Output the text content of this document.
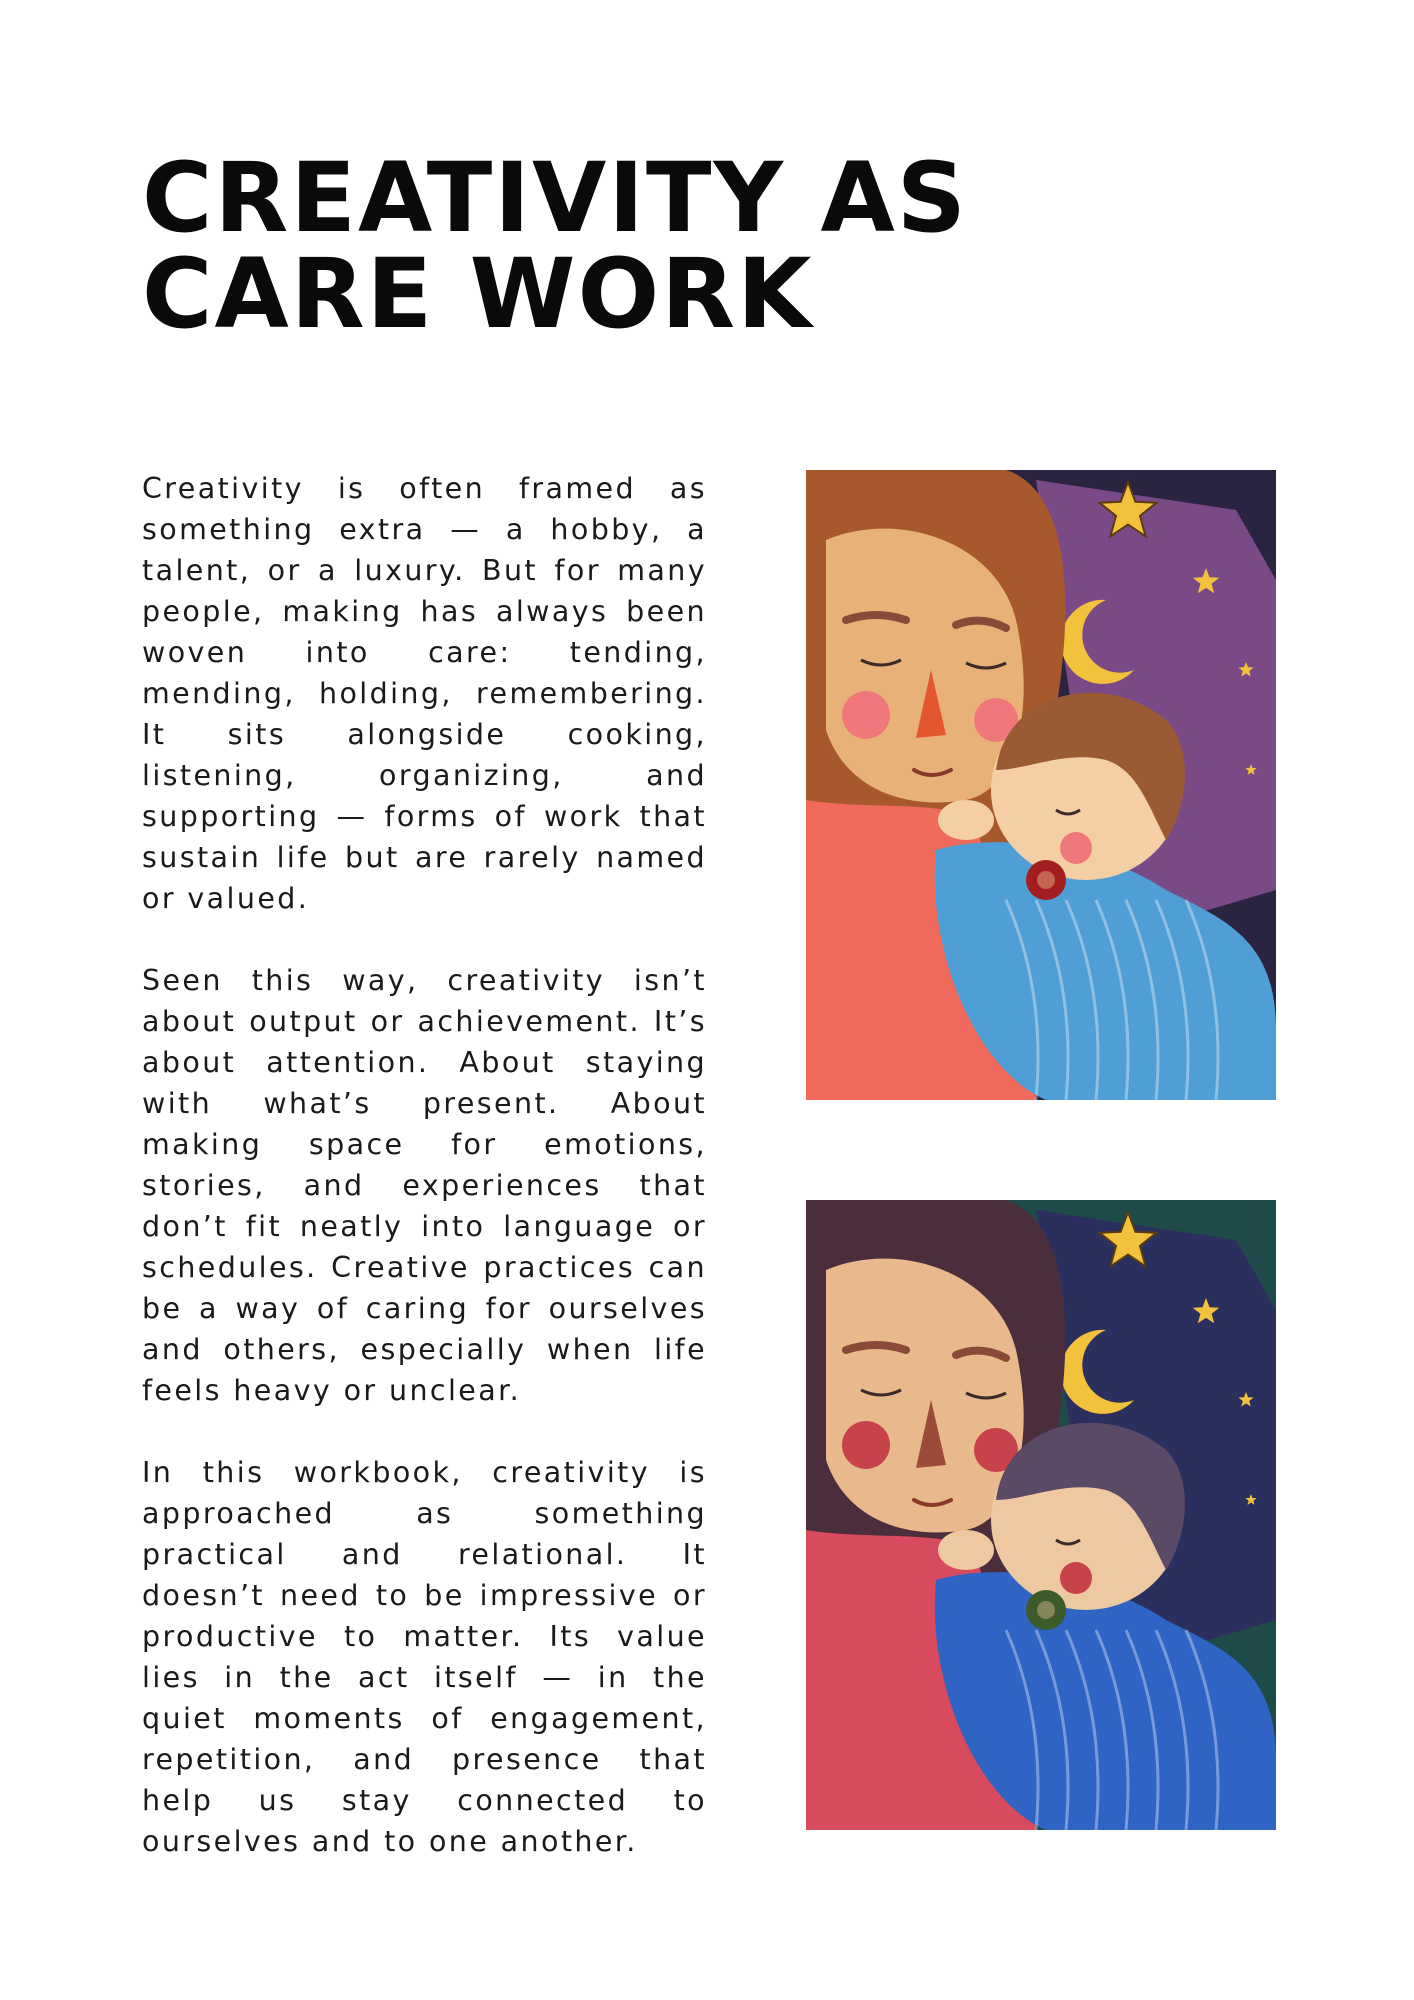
CREATIVITY AS
CARE WORK

Creativity is often framed as something extra — a hobby, a talent, or a luxury. But for many people, making has always been woven into care: tending, mending, holding, remembering. It sits alongside cooking, listening, organizing, and supporting — forms of work that sustain life but are rarely named or valued.

Seen this way, creativity isn’t about output or achievement. It’s about attention. About staying with what’s present. About making space for emotions, stories, and experiences that don’t fit neatly into language or schedules. Creative practices can be a way of caring for ourselves and others, especially when life feels heavy or unclear.

In this workbook, creativity is approached as something practical and relational. It doesn’t need to be impressive or productive to matter. Its value lies in the act itself — in the quiet moments of engagement, repetition, and presence that help us stay connected to ourselves and to one another.
